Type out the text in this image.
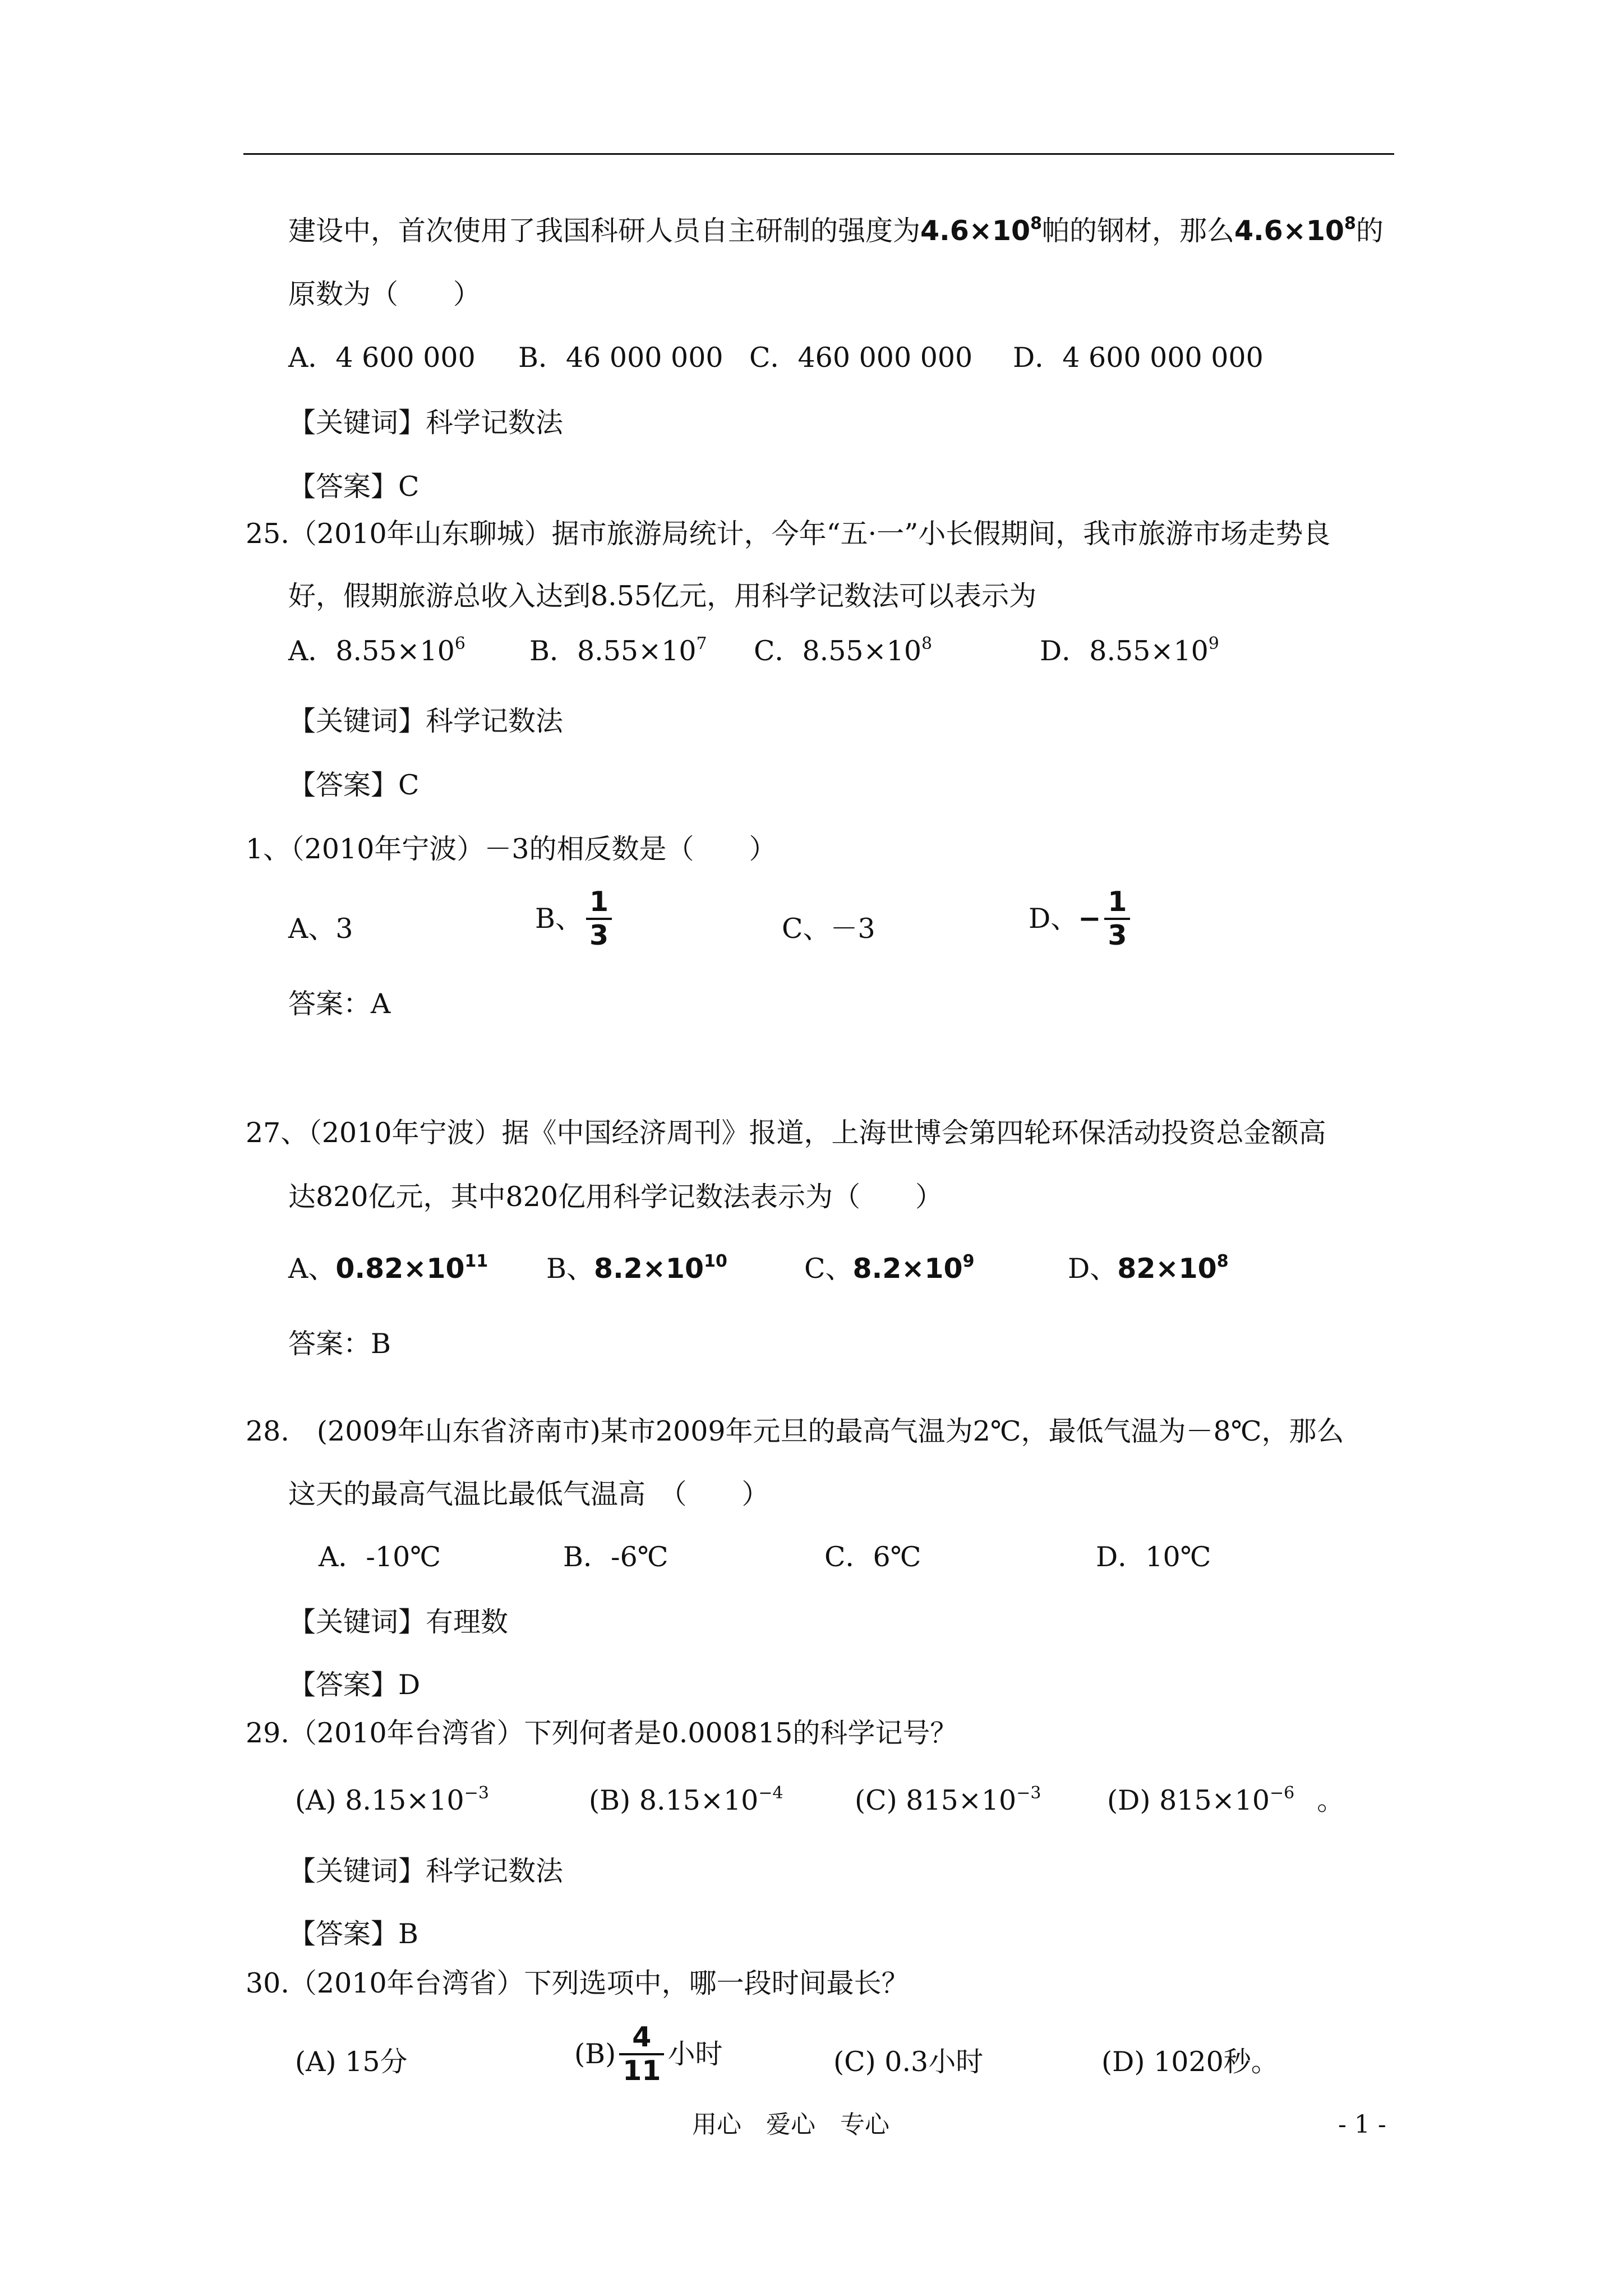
建设中，首次使用了我国科研人员自主研制的强度为$4.6\times 10^8$帕的钢材，那么$4.6\times 10^8$的
原数为（　　）
A．4 600 000 B．46 000 000 C．460 000 000 D．4 600 000 000
【关键词】科学记数法
【答案】C
25.（2010年山东聊城）据市旅游局统计，今年“五·一”小长假期间，我市旅游市场走势良
好，假期旅游总收入达到8.55亿元，用科学记数法可以表示为
A．$8.55\times 10^6$ B．$8.55\times 10^7$ C．$8.55\times 10^8$	D．$8.55\times 10^9$
【关键词】科学记数法
【答案】C
1、（2010年宁波）－3的相反数是（　　）
A、3	B、 $\frac{1}{3}$	C、－3	D、− $\frac{1}{3}$
答案：A
27、（2010年宁波）据《中国经济周刊》报道，上海世博会第四轮环保活动投资总金额高
达820亿元，其中820亿用科学记数法表示为（　　）
A、$0.82\times 10^{11}$ B、$8.2\times 10^{10}$	C、$8.2\times 10^9$	D、$82\times 10^8$
答案：B
28.　(2009年山东省济南市)某市2009年元旦的最高气温为2℃，最低气温为－8℃，那么
这天的最高气温比最低气温高　（　　）
A．-10℃	B．-6℃	C．6℃	D．10℃
【关键词】有理数
【答案】D
29.（2010年台湾省）下列何者是0.000815的科学记号？
(A) $8.15\times 10^{-3}$	(B) $8.15\times 10^{-4}$	(C) $815\times 10^{-3}$ (D) $815\times 10^{-6}$ 。
【关键词】科学记数法
【答案】B
30.（2010年台湾省）下列选项中，哪一段时间最长？
(A) 15分	$(B) \frac{4}{11}$ 小时	(C) 0.3小时	(D) 1020秒。
用心　爱心　专心	- 1 -
